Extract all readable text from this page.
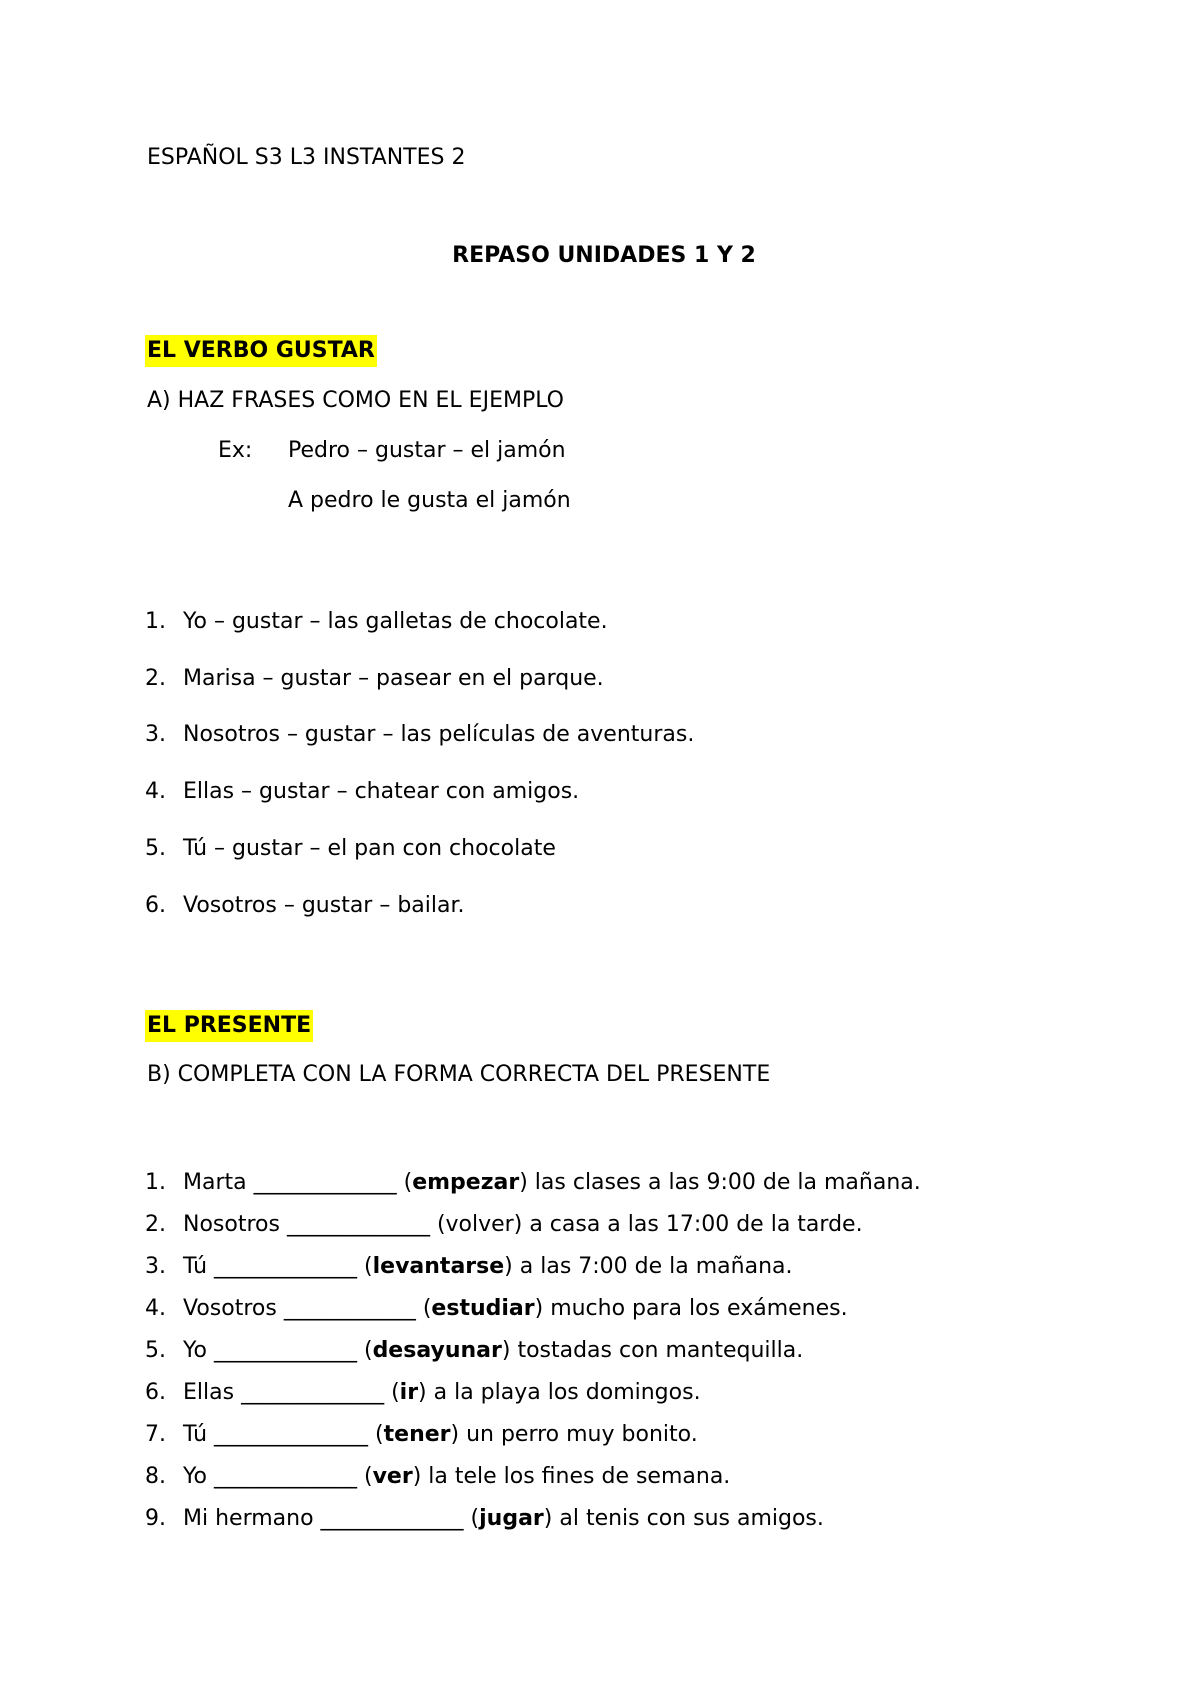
ESPAÑOL S3 L3 INSTANTES 2
REPASO UNIDADES 1 Y 2
EL VERBO GUSTAR
A) HAZ FRASES COMO EN EL EJEMPLO
Ex: Pedro – gustar – el jamón
A pedro le gusta el jamón
1. Yo – gustar – las galletas de chocolate.
2. Marisa – gustar – pasear en el parque.
3. Nosotros – gustar – las películas de aventuras.
4. Ellas – gustar – chatear con amigos.
5. Tú – gustar – el pan con chocolate
6. Vosotros – gustar – bailar.
EL PRESENTE
B) COMPLETA CON LA FORMA CORRECTA DEL PRESENTE
1. Marta _____________ (empezar) las clases a las 9:00 de la mañana.
2. Nosotros _____________ (volver) a casa a las 17:00 de la tarde.
3. Tú _____________ (levantarse) a las 7:00 de la mañana.
4. Vosotros ____________ (estudiar) mucho para los exámenes.
5. Yo _____________ (desayunar) tostadas con mantequilla.
6. Ellas _____________ (ir) a la playa los domingos.
7. Tú ______________ (tener) un perro muy bonito.
8. Yo _____________ (ver) la tele los fines de semana.
9. Mi hermano _____________ (jugar) al tenis con sus amigos.
